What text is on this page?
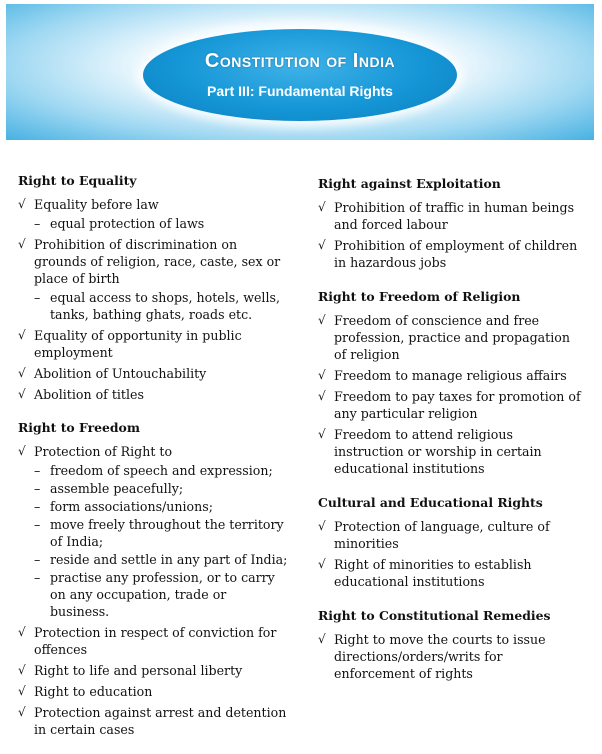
Constitution of India
Part III: Fundamental Rights
Right to Equality
√ Equality before law
– equal protection of laws
√ Prohibition of discrimination on grounds of religion, race, caste, sex or place of birth
– equal access to shops, hotels, wells, tanks, bathing ghats, roads etc.
√ Equality of opportunity in public employment
√ Abolition of Untouchability
√ Abolition of titles
Right to Freedom
√ Protection of Right to
– freedom of speech and expression;
– assemble peacefully;
– form associations/unions;
– move freely throughout the territory of India;
– reside and settle in any part of India;
– practise any profession, or to carry on any occupation, trade or business.
√ Protection in respect of conviction for offences
√ Right to life and personal liberty
√ Right to education
√ Protection against arrest and detention in certain cases
Right against Exploitation
√ Prohibition of traffic in human beings and forced labour
√ Prohibition of employment of children in hazardous jobs
Right to Freedom of Religion
√ Freedom of conscience and free profession, practice and propagation of religion
√ Freedom to manage religious affairs
√ Freedom to pay taxes for promotion of any particular religion
√ Freedom to attend religious instruction or worship in certain educational institutions
Cultural and Educational Rights
√ Protection of language, culture of minorities
√ Right of minorities to establish educational institutions
Right to Constitutional Remedies
√ Right to move the courts to issue directions/orders/writs for enforcement of rights
